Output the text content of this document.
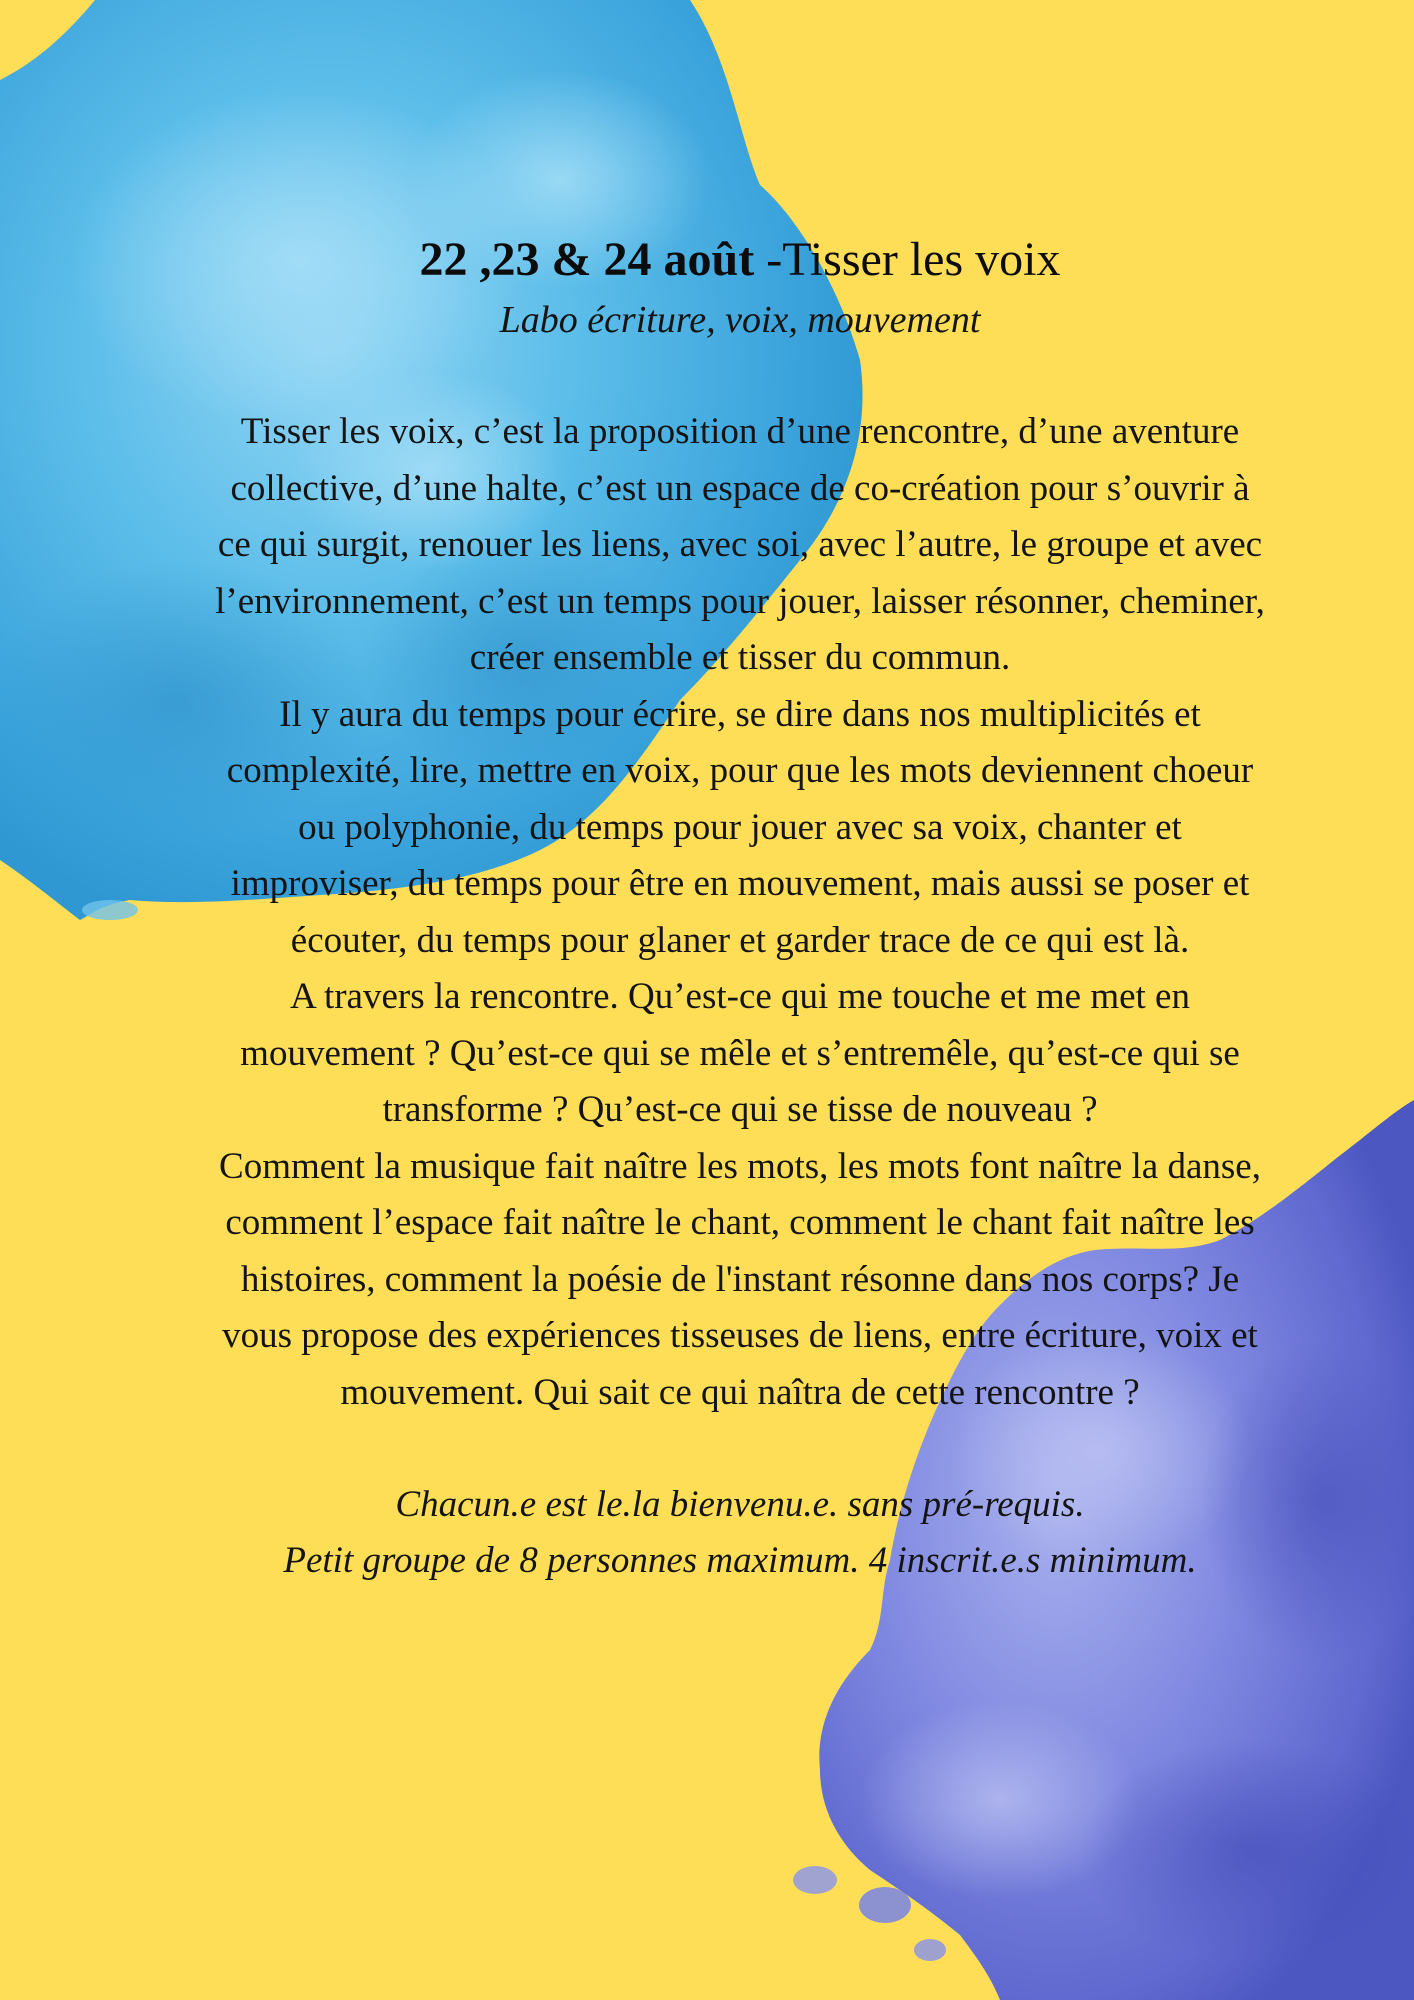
22 ,23 & 24 août -Tisser les voix

Labo écriture, voix, mouvement

Tisser les voix, c’est la proposition d’une rencontre, d’une aventure collective, d’une halte, c’est un espace de co-création pour s’ouvrir à ce qui surgit, renouer les liens, avec soi, avec l’autre, le groupe et avec l’environnement, c’est un temps pour jouer, laisser résonner, cheminer, créer ensemble et tisser du commun.

Il y aura du temps pour écrire, se dire dans nos multiplicités et complexité, lire, mettre en voix, pour que les mots deviennent choeur ou polyphonie, du temps pour jouer avec sa voix, chanter et improviser, du temps pour être en mouvement, mais aussi se poser et écouter, du temps pour glaner et garder trace de ce qui est là.

A travers la rencontre. Qu’est-ce qui me touche et me met en mouvement ? Qu’est-ce qui se mêle et s’entremêle, qu’est-ce qui se transforme ? Qu’est-ce qui se tisse de nouveau ?

Comment la musique fait naître les mots, les mots font naître la danse, comment l’espace fait naître le chant, comment le chant fait naître les histoires, comment la poésie de l'instant résonne dans nos corps? Je vous propose des expériences tisseuses de liens, entre écriture, voix et mouvement. Qui sait ce qui naîtra de cette rencontre ?

Chacun.e est le.la bienvenu.e. sans pré-requis.

Petit groupe de 8 personnes maximum. 4 inscrit.e.s minimum.
